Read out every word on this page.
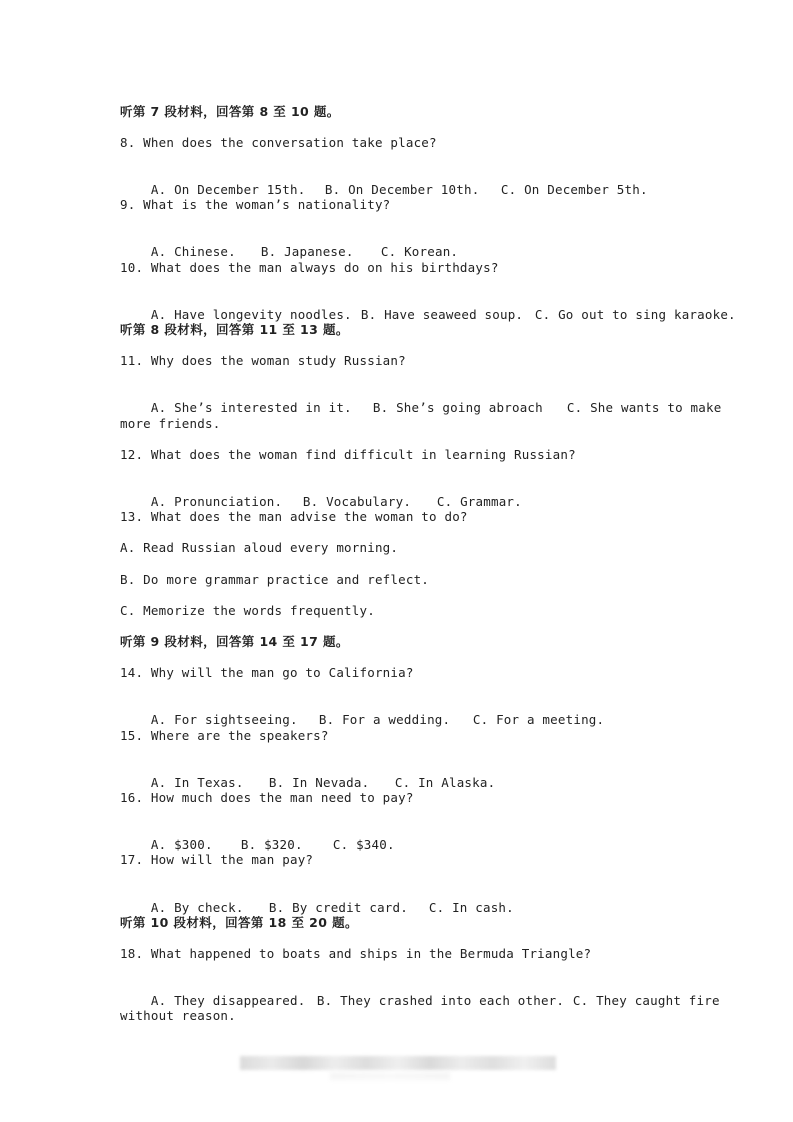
听第 7 段材料，回答第 8 至 10 题。
8. When does the conversation take place?

A. On December 15th. B. On December 10th. C. On December 5th.

9. What is the woman’s nationality?

A. Chinese. B. Japanese. C. Korean.

10. What does the man always do on his birthdays?

A. Have longevity noodles. B. Have seaweed soup. C. Go out to sing karaoke.

听第 8 段材料，回答第 11 至 13 题。
11. Why does the woman study Russian?

A. She’s interested in it. B. She’s going abroach C. She wants to make

more friends.
12. What does the woman find difficult in learning Russian?

A. Pronunciation. B. Vocabulary. C. Grammar.

13. What does the man advise the woman to do?
A. Read Russian aloud every morning.
B. Do more grammar practice and reflect.
C. Memorize the words frequently.
听第 9 段材料，回答第 14 至 17 题。
14. Why will the man go to California?

A. For sightseeing. B. For a wedding. C. For a meeting.

15. Where are the speakers?

A. In Texas. B. In Nevada. C. In Alaska.

16. How much does the man need to pay?

A. $300. B. $320. C. $340.

17. How will the man pay?

A. By check. B. By credit card. C. In cash.

听第 10 段材料，回答第 18 至 20 题。
18. What happened to boats and ships in the Bermuda Triangle?

A. They disappeared. B. They crashed into each other. C. They caught fire

without reason.
